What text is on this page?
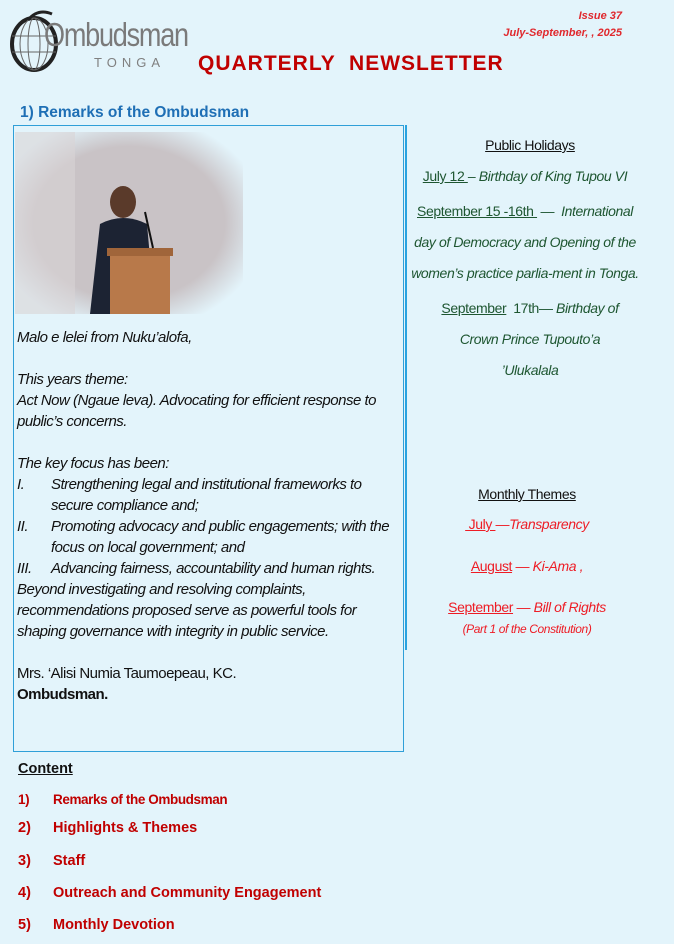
Ombudsman
TONGA
Issue 37
July-September, , 2025
QUARTERLY  NEWSLETTER
1) Remarks of the Ombudsman

Malo e lelei from Nuku’alofa,

This years theme:

Act Now (Ngaue leva). Advocating for efficient response to public’s concerns.

The key focus has been:

I.	Strengthening legal and institutional frameworks to secure compliance and;
II.	Promoting advocacy and public engagements; with the focus on local government; and
III.	Advancing fairness, accountability and human rights.

Beyond investigating and resolving complaints, recommendations proposed serve as powerful tools for shaping governance with integrity in public service.

Mrs. ‘Alisi Numia Taumoepeau, KC.
Ombudsman.
Public Holidays
July 12 – Birthday of King Tupou VI
September 15 -16th  —  International day of Democracy and Opening of the women’s practice parlia-ment in Tonga.
September  17th— Birthday of Crown Prince Tupouto’a ’Ulukalala
Monthly Themes
July —Transparency
August — Ki-Ama ,
September — Bill of Rights
(Part 1 of the Constitution)
Content
1) Remarks of the Ombudsman
2) Highlights & Themes
3) Staff
4) Outreach and Community Engagement
5) Monthly Devotion
